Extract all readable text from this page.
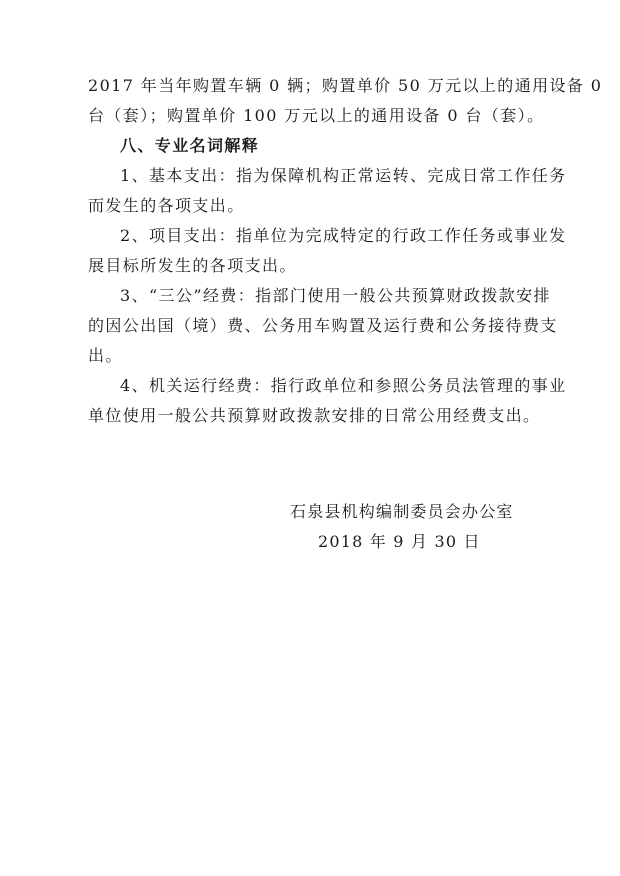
2017 年当年购置车辆 0 辆；购置单价 50 万元以上的通用设备 0
台（套）；购置单价 100 万元以上的通用设备 0 台（套）。
八、专业名词解释
1、基本支出：指为保障机构正常运转、完成日常工作任务
而发生的各项支出。
2、项目支出：指单位为完成特定的行政工作任务或事业发
展目标所发生的各项支出。
3、“三公”经费：指部门使用一般公共预算财政拨款安排
的因公出国（境）费、公务用车购置及运行费和公务接待费支
出。
4、机关运行经费：指行政单位和参照公务员法管理的事业
单位使用一般公共预算财政拨款安排的日常公用经费支出。
石泉县机构编制委员会办公室
2018 年 9 月 30 日
